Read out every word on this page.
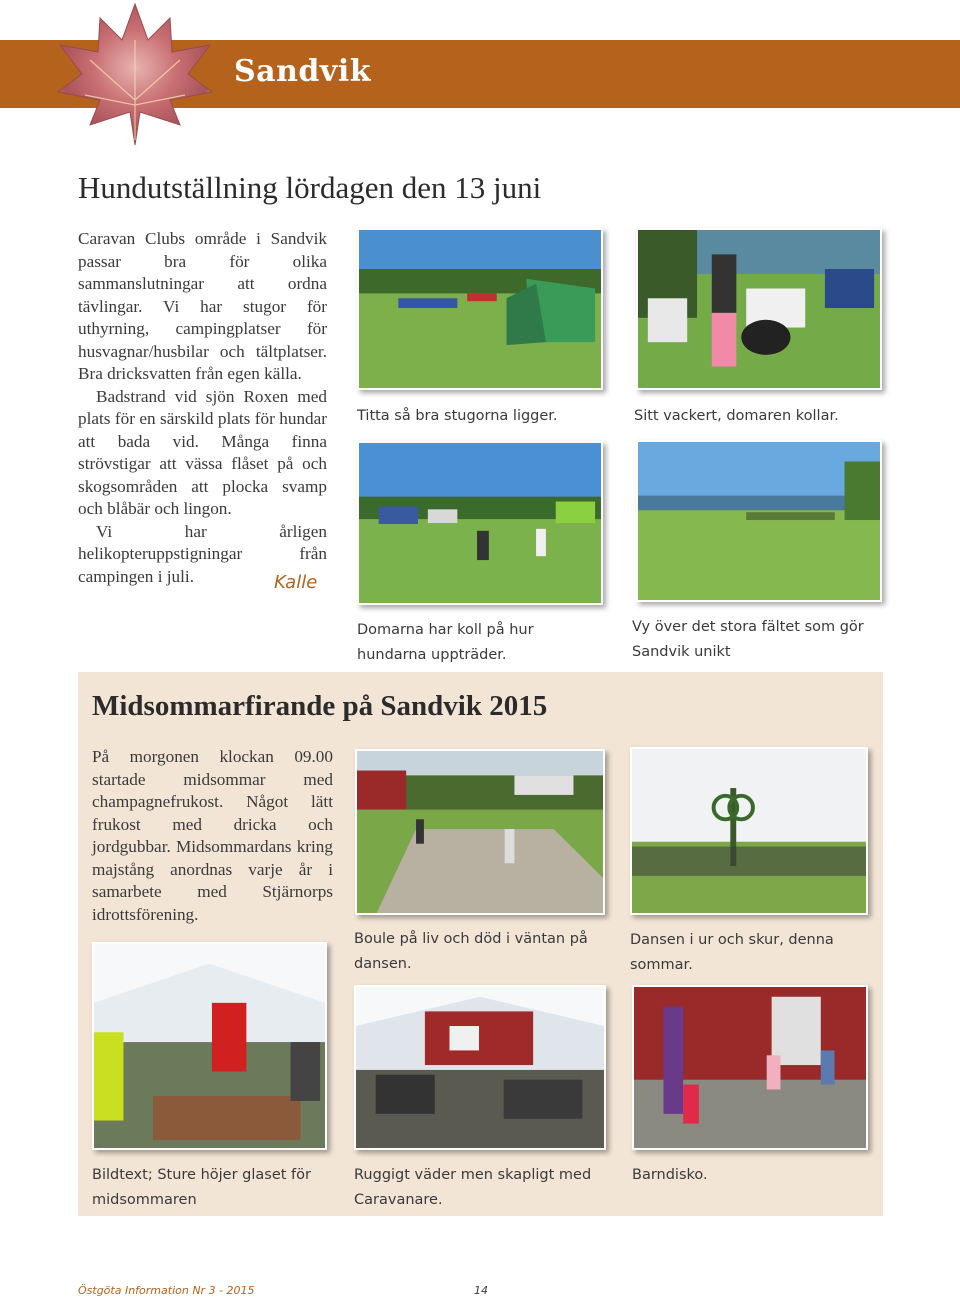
Sandvik
Hundutställning lördagen den 13 juni

Caravan Clubs område i Sandvik passar bra för olika sammanslutningar att ordna tävlingar. Vi har stugor för uthyrning, campingplatser för husvagnar/husbilar och tältplatser. Bra dricksvatten från egen källa.

Badstrand vid sjön Roxen med plats för en särskild plats för hundar att bada vid. Många finna strövstigar att vässa flåset på och skogsområden att plocka svamp och blåbär och lingon.

Vi har årligen helikopteruppstigningar från campingen i juli.	Kalle
Titta så bra stugorna ligger.	Sitt vackert, domaren kollar.
Domarna har koll på hur hundarna uppträder.
Vy över det stora fältet som gör Sandvik unikt
Midsommarfirande på Sandvik 2015

På morgonen klockan 09.00 startade midsommar med champagnefrukost. Något lätt frukost med dricka och jordgubbar. Midsommardans kring majstång anordnas varje år i samarbete med Stjärnorps idrottsförening.

Boule på liv och död i väntan på dansen.
Dansen i ur och skur, denna sommar.
Bildtext; Sture höjer glaset för midsommaren
Ruggigt väder men skapligt med Caravanare.
Barndisko.
Östgöta Information Nr 3 - 2015	14
